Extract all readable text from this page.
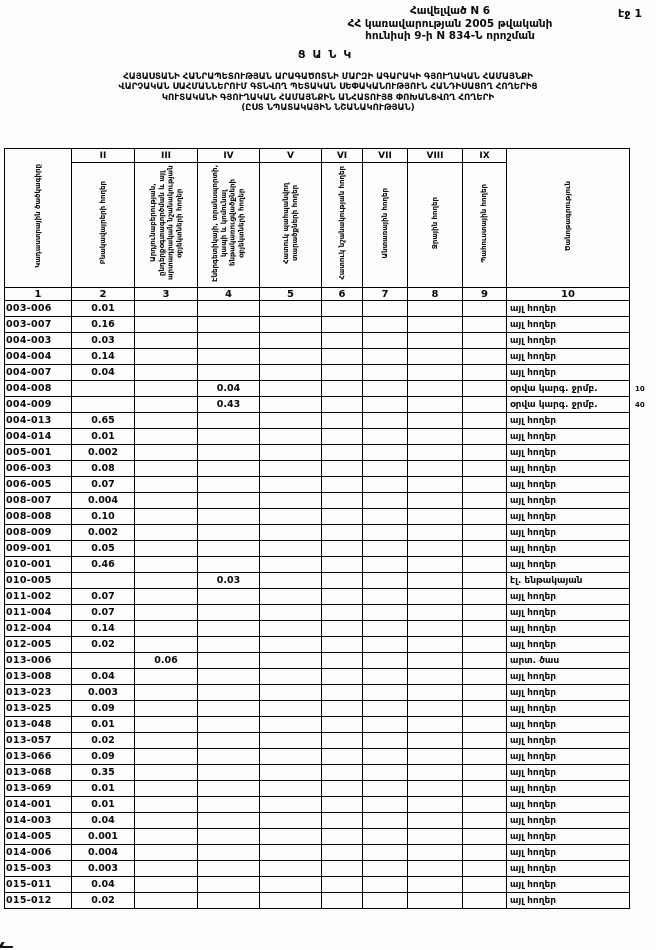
էջ 1
Հավելված N 6
ՀՀ կառավարության 2005 թվականի
հունիսի 9-ի N 834-Ն որոշման
ՑԱՆԿ
ՀԱՅԱՍՏԱՆԻ ՀԱՆՐԱՊԵՏՈՒԹՅԱՆ ԱՐԱԳԱԾՈՏՆԻ ՄԱՐԶԻ ԱԳԱՐԱԿԻ ԳՅՈՒՂԱԿԱՆ ՀԱՄԱՅՆՔԻ
ՎԱՐՉԱԿԱՆ ՍԱՀՄԱՆՆԵՐՈՒՄ ԳՏՆՎՈՂ ՊԵՏԱԿԱՆ ՍԵՓԱԿԱՆՈՒԹՅՈՒՆ ՀԱՆԴԻՍԱՑՈՂ ՀՈՂԵՐԻՑ
ԿՈՒՏԱԿԱՆԻ ԳՅՈՒՂԱԿԱՆ ՀԱՄԱՅՆՔԻՆ ԱՆՀԱՏՈՒՅՑ ՓՈԽԱՆՑՎՈՂ ՀՈՂԵՐԻ
(ԸՍՏ ՆՊԱՏԱԿԱՅԻՆ ՆՇԱՆԱԿՈՒԹՅԱՆ)
Կադաստրային ծածկագիրը	II	III	IV	V	VI	VII	VIII	IX	Ծանոթագրություն	
	Բնակավայրերի հողեր	Արդյունաբերության, ընդերքօգտագործման և այլ արտադրական նշանակության օբյեկտների հողեր	Էներգետիկայի, տրանսպորտի, կապի և կոմունալ ենթակառուցվածքների օբյեկտների հողեր	Հատուկ պահպանվող տարածքների հողեր	Հատուկ նշանակության հողեր	Անտառային հողեր	Ջրային հողեր	Պահուստային հողեր		
1	2	3	4	5	6	7	8	9	10	
003-006	0.01								այլ հողեր	
003-007	0.16								այլ հողեր	
004-003	0.03								այլ հողեր	
004-004	0.14								այլ հողեր	
004-007	0.04								այլ հողեր	
004-008			0.04						օրվա կարգ. ջրմբ.	10
004-009			0.43						օրվա կարգ. ջրմբ.	40
004-013	0.65								այլ հողեր	
004-014	0.01								այլ հողեր	
005-001	0.002								այլ հողեր	
006-003	0.08								այլ հողեր	
006-005	0.07								այլ հողեր	
008-007	0.004								այլ հողեր	
008-008	0.10								այլ հողեր	
008-009	0.002								այլ հողեր	
009-001	0.05								այլ հողեր	
010-001	0.46								այլ հողեր	
010-005			0.03						էլ. ենթակայան	
011-002	0.07								այլ հողեր	
011-004	0.07								այլ հողեր	
012-004	0.14								այլ հողեր	
012-005	0.02								այլ հողեր	
013-006		0.06							արտ. ծաս	
013-008	0.04								այլ հողեր	
013-023	0.003								այլ հողեր	
013-025	0.09								այլ հողեր	
013-048	0.01								այլ հողեր	
013-057	0.02								այլ հողեր	
013-066	0.09								այլ հողեր	
013-068	0.35								այլ հողեր	
013-069	0.01								այլ հողեր	
014-001	0.01								այլ հողեր	
014-003	0.04								այլ հողեր	
014-005	0.001								այլ հողեր	
014-006	0.004								այլ հողեր	
015-003	0.003								այլ հողեր	
015-011	0.04								այլ հողեր	
015-012	0.02								այլ հողեր	
